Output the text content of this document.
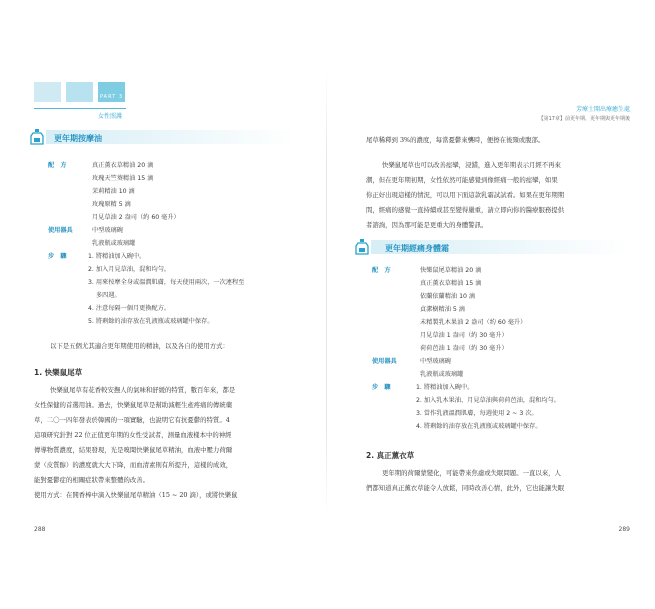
PART 3
女性照護
更年期按摩油
配　方	真正薰衣草精油 20 滴
玫瑰天竺葵精油 15 滴
茉莉精油 10 滴
玫瑰原精 5 滴
月見草油 2 盎司（約 60 毫升）
使用器具	中型玻璃碗
乳液瓶或玻璃罐
步　驟	1. 將精油加入碗中。
2. 加入月見草油，混和均勻。
3. 用來按摩全身或溫潤肌膚，每天使用兩次，一次連程至
多四週。
4. 注意每隔一個月更換配方。
5. 將剩餘的油存放在乳液瓶或玻璃罐中保存。
以下是五個尤其適合更年期使用的精油，以及各自的使用方式：
1. 快樂鼠尾草
快樂鼠尾草有花香較安撫人的氣味和舒緩的特質，數百年來，都是
女性保健的首選用油。過去，快樂鼠尾草是幫助減輕生產疼痛的傳統藥
草，二〇一四年發表於韓國的一項實驗，也說明它有抗憂鬱的特質。4
這項研究針對 22 位正值更年期的女性受試者，測量血液樣本中的神經
傳導物質濃度，結果發現，光是嗅聞快樂鼠尾草精油，血液中壓力荷爾
蒙（皮質醇）的濃度就大大下降，而血清素則有所提升，這樣的成效，
能對憂鬱症的相關症狀帶來整體的改善。
使用方式：在開香棒中滴入快樂鼠尾草精油（15 ~ 20 滴），或將快樂鼠
288
芳療士開出療癒生處
【第17章】前更年期、更年期與更年期後
尾草稀釋到 3%的濃度，每當憂鬱來襲時，便擦在後頸或腹部。
快樂鼠尾草也可以改善痙攣，浸錯，進入更年期表示月經不再來
潮，但在更年期初期，女性依然可能感覺到像經痛一般的痙攣，如果
你正好出現這樣的情況，可以用下面這款乳霜試試看。如果在更年期期
間，經痛的感覺一直持續或甚至變得嚴重，請立即向你的醫療服務提供
者諮詢，因為那可能是更重大的身體警訊。
更年期經痛身體霜
配　方	快樂鼠尾草精油 20 滴
真正薰衣草精油 15 滴
依蘭依蘭精油 10 滴
貞潔樹精油 5 滴
未精製乳木果油 2 盎司（約 60 毫升）
月見草油 1 盎司（約 30 毫升）
荷荷芭油 1 盎司（約 30 毫升）
使用器具	中型玻璃碗
乳液瓶或玻璃罐
步　驟	1. 將精油加入碗中。
2. 加入乳木果油、月見草油與荷荷芭油，混和均勻。
3. 當作乳液溫潤肌膚，每週使用 2 ~ 3 次。
4. 將剩餘的油存放在乳液瓶或玻璃罐中保存。
2. 真正薰衣草
更年期的荷爾蒙變化，可能帶來焦慮或失眠問題。一直以來，人
們都知道真正薰衣草能令人放鬆，同時改善心情，此外，它也能讓失眠
289
